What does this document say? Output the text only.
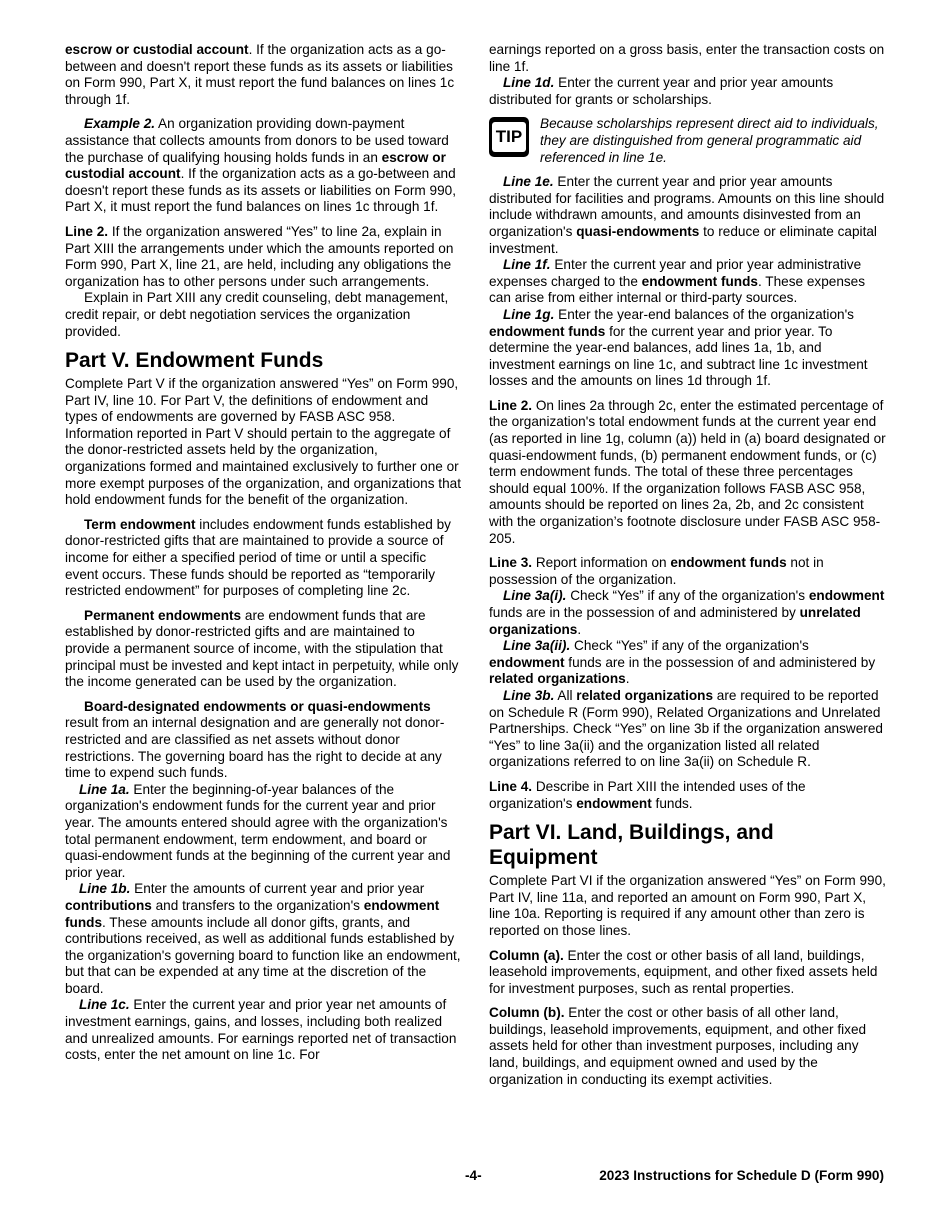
escrow or custodial account. If the organization acts as a go-between and doesn't report these funds as its assets or liabilities on Form 990, Part X, it must report the fund balances on lines 1c through 1f.

Example 2. An organization providing down-payment assistance that collects amounts from donors to be used toward the purchase of qualifying housing holds funds in an escrow or custodial account. If the organization acts as a go-between and doesn't report these funds as its assets or liabilities on Form 990, Part X, it must report the fund balances on lines 1c through 1f.

Line 2. If the organization answered “Yes” to line 2a, explain in Part XIII the arrangements under which the amounts reported on Form 990, Part X, line 21, are held, including any obligations the organization has to other persons under such arrangements.

Explain in Part XIII any credit counseling, debt management, credit repair, or debt negotiation services the organization provided.

Part V. Endowment Funds

Complete Part V if the organization answered “Yes” on Form 990, Part IV, line 10. For Part V, the definitions of endowment and types of endowments are governed by FASB ASC 958. Information reported in Part V should pertain to the aggregate of the donor-restricted assets held by the organization, organizations formed and maintained exclusively to further one or more exempt purposes of the organization, and organizations that hold endowment funds for the benefit of the organization.

Term endowment includes endowment funds established by donor-restricted gifts that are maintained to provide a source of income for either a specified period of time or until a specific event occurs. These funds should be reported as “temporarily restricted endowment” for purposes of completing line 2c.

Permanent endowments are endowment funds that are established by donor-restricted gifts and are maintained to provide a permanent source of income, with the stipulation that principal must be invested and kept intact in perpetuity, while only the income generated can be used by the organization.

Board-designated endowments or quasi-endowments result from an internal designation and are generally not donor-restricted and are classified as net assets without donor restrictions. The governing board has the right to decide at any time to expend such funds.

Line 1a. Enter the beginning-of-year balances of the organization's endowment funds for the current year and prior year. The amounts entered should agree with the organization's total permanent endowment, term endowment, and board or quasi-endowment funds at the beginning of the current year and prior year.

Line 1b. Enter the amounts of current year and prior year contributions and transfers to the organization's endowment funds. These amounts include all donor gifts, grants, and contributions received, as well as additional funds established by the organization's governing board to function like an endowment, but that can be expended at any time at the discretion of the board.

Line 1c. Enter the current year and prior year net amounts of investment earnings, gains, and losses, including both realized and unrealized amounts. For earnings reported net of transaction costs, enter the net amount on line 1c. For

earnings reported on a gross basis, enter the transaction costs on line 1f.

Line 1d. Enter the current year and prior year amounts distributed for grants or scholarships.

TIP
Because scholarships represent direct aid to individuals, they are distinguished from general programmatic aid referenced in line 1e.

Line 1e. Enter the current year and prior year amounts distributed for facilities and programs. Amounts on this line should include withdrawn amounts, and amounts disinvested from an organization's quasi-endowments to reduce or eliminate capital investment.

Line 1f. Enter the current year and prior year administrative expenses charged to the endowment funds. These expenses can arise from either internal or third-party sources.

Line 1g. Enter the year-end balances of the organization's endowment funds for the current year and prior year. To determine the year-end balances, add lines 1a, 1b, and investment earnings on line 1c, and subtract line 1c investment losses and the amounts on lines 1d through 1f.

Line 2. On lines 2a through 2c, enter the estimated percentage of the organization's total endowment funds at the current year end (as reported in line 1g, column (a)) held in (a) board designated or quasi-endowment funds, (b) permanent endowment funds, or (c) term endowment funds. The total of these three percentages should equal 100%. If the organization follows FASB ASC 958, amounts should be reported on lines 2a, 2b, and 2c consistent with the organization’s footnote disclosure under FASB ASC 958-205.

Line 3. Report information on endowment funds not in possession of the organization.

Line 3a(i). Check “Yes” if any of the organization's endowment funds are in the possession of and administered by unrelated organizations.

Line 3a(ii). Check “Yes” if any of the organization's endowment funds are in the possession of and administered by related organizations.

Line 3b. All related organizations are required to be reported on Schedule R (Form 990), Related Organizations and Unrelated Partnerships. Check “Yes” on line 3b if the organization answered “Yes” to line 3a(ii) and the organization listed all related organizations referred to on line 3a(ii) on Schedule R.

Line 4. Describe in Part XIII the intended uses of the organization's endowment funds.

Part VI. Land, Buildings, and Equipment

Complete Part VI if the organization answered “Yes” on Form 990, Part IV, line 11a, and reported an amount on Form 990, Part X, line 10a. Reporting is required if any amount other than zero is reported on those lines.

Column (a). Enter the cost or other basis of all land, buildings, leasehold improvements, equipment, and other fixed assets held for investment purposes, such as rental properties.

Column (b). Enter the cost or other basis of all other land, buildings, leasehold improvements, equipment, and other fixed assets held for other than investment purposes, including any land, buildings, and equipment owned and used by the organization in conducting its exempt activities.

-4-	2023 Instructions for Schedule D (Form 990)
